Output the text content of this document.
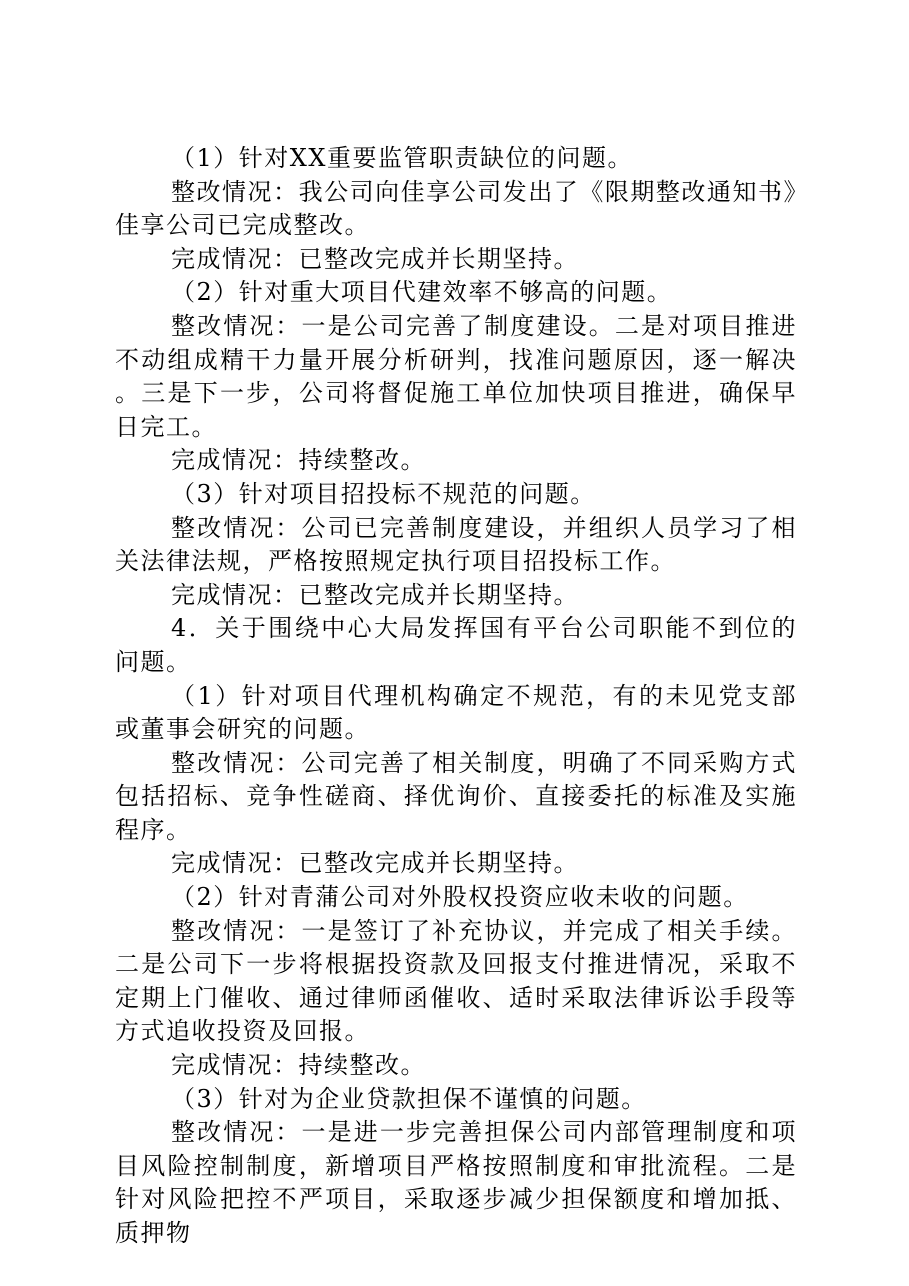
（1）针对XX重要监管职责缺位的问题。

整改情况：我公司向佳享公司发出了《限期整改通知书》佳享公司已完成整改。

完成情况：已整改完成并长期坚持。

（2）针对重大项目代建效率不够高的问题。

整改情况：一是公司完善了制度建设。二是对项目推进不动组成精干力量开展分析研判，找准问题原因，逐一解决。三是下一步，公司将督促施工单位加快项目推进，确保早日完工。

完成情况：持续整改。

（3）针对项目招投标不规范的问题。

整改情况：公司已完善制度建设，并组织人员学习了相关法律法规，严格按照规定执行项目招投标工作。

完成情况：已整改完成并长期坚持。

4．关于围绕中心大局发挥国有平台公司职能不到位的问题。

（1）针对项目代理机构确定不规范，有的未见党支部或董事会研究的问题。

整改情况：公司完善了相关制度，明确了不同采购方式包括招标、竞争性磋商、择优询价、直接委托的标准及实施程序。

完成情况：已整改完成并长期坚持。

（2）针对青蒲公司对外股权投资应收未收的问题。

整改情况：一是签订了补充协议，并完成了相关手续。二是公司下一步将根据投资款及回报支付推进情况，采取不定期上门催收、通过律师函催收、适时采取法律诉讼手段等方式追收投资及回报。

完成情况：持续整改。

（3）针对为企业贷款担保不谨慎的问题。

整改情况：一是进一步完善担保公司内部管理制度和项目风险控制制度，新增项目严格按照制度和审批流程。二是针对风险把控不严项目，采取逐步减少担保额度和增加抵、质押物
